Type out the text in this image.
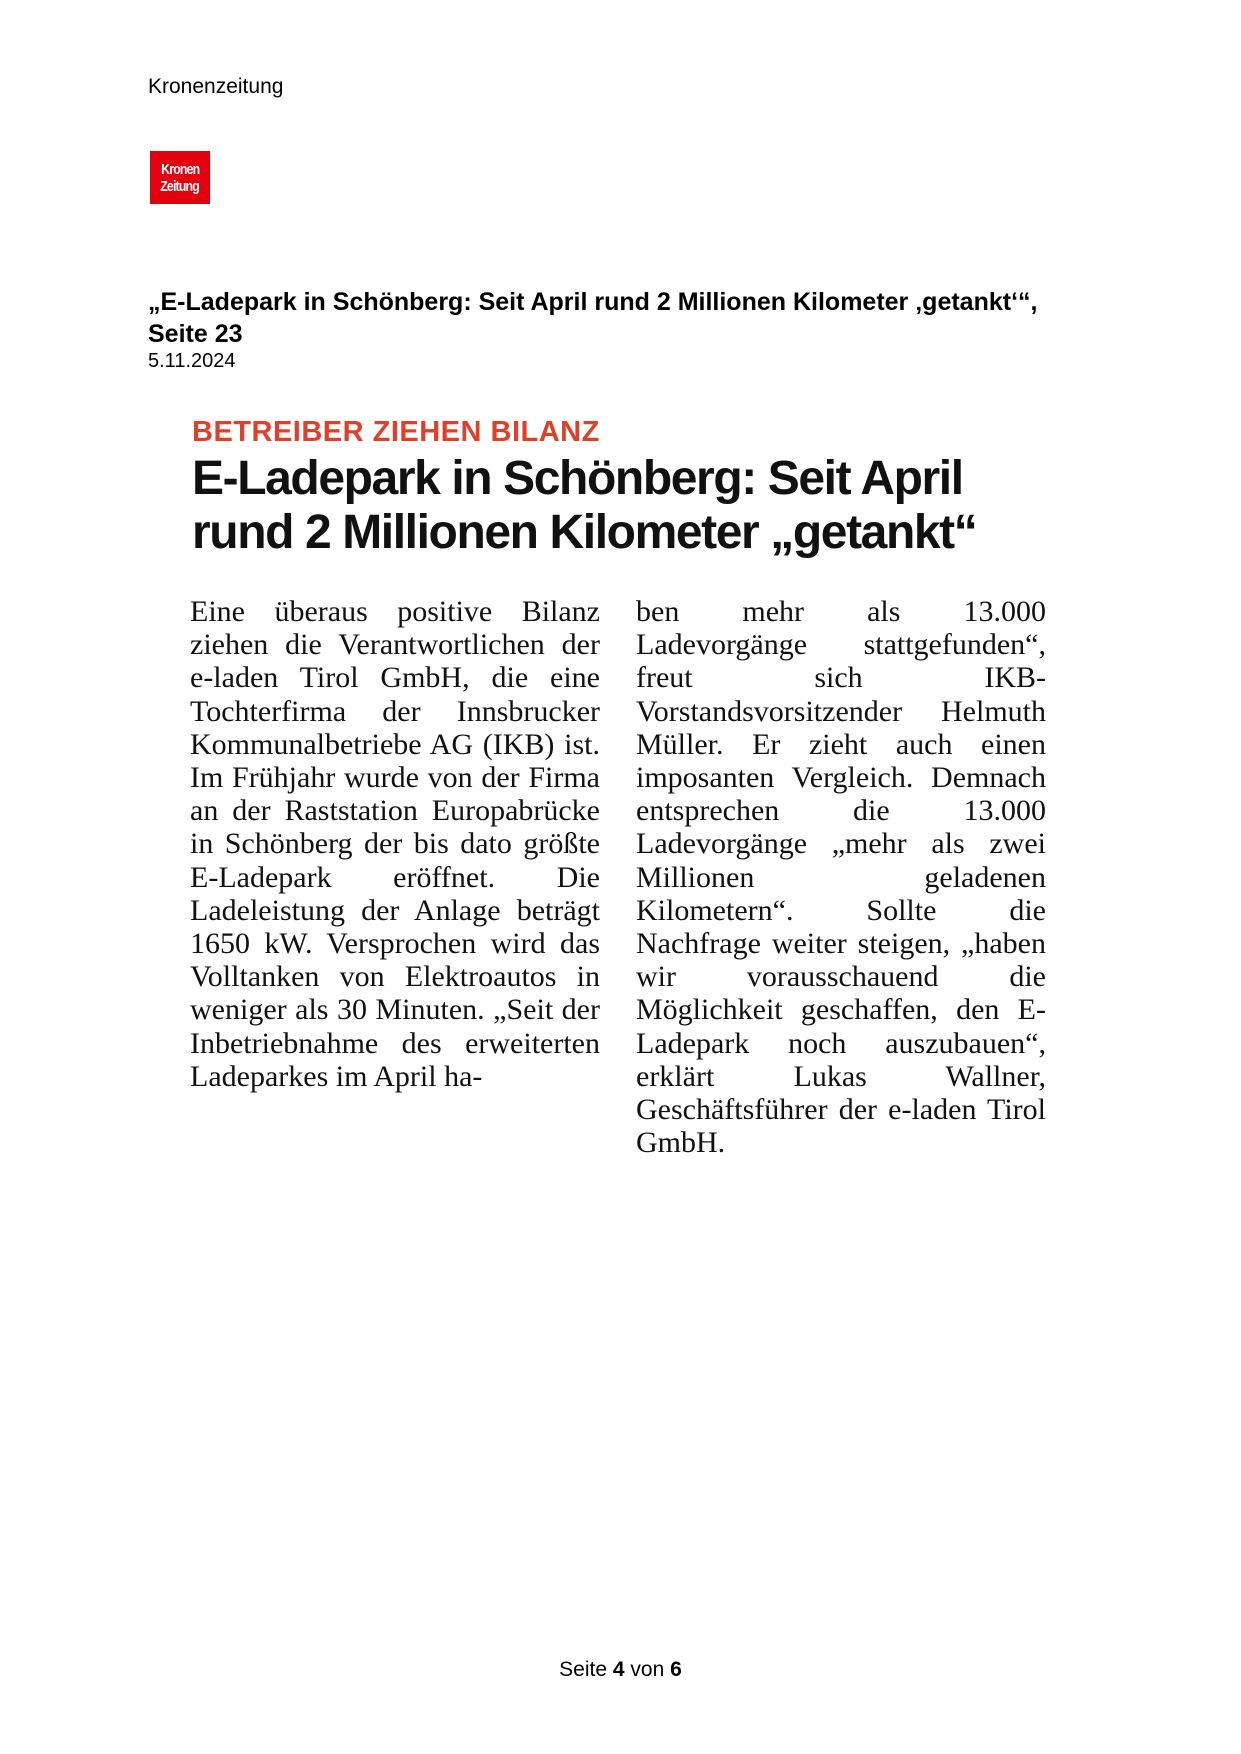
Kronenzeitung
Kronen
Zeitung
„E-Ladepark in Schönberg: Seit April rund 2 Millionen Kilometer ‚getankt‘“, Seite 23
5.11.2024
BETREIBER ZIEHEN BILANZ
E-Ladepark in Schönberg: Seit April rund 2 Millionen Kilometer „getankt“
Eine überaus positive Bilanz ziehen die Verantwortlichen der e-laden Tirol GmbH, die eine Tochterfirma der Innsbrucker Kommunalbetriebe AG (IKB) ist. Im Frühjahr wurde von der Firma an der Raststation Europabrücke in Schönberg der bis dato größte E-Ladepark eröffnet. Die Ladeleistung der Anlage beträgt 1650 kW. Versprochen wird das Volltanken von Elektroautos in weniger als 30 Minuten. „Seit der Inbetriebnahme des erweiterten Ladeparkes im April ha-
ben mehr als 13.000 Ladevorgänge stattgefunden“, freut sich IKB-Vorstandsvorsitzender Helmuth Müller. Er zieht auch einen imposanten Vergleich. Demnach entsprechen die 13.000 Ladevorgänge „mehr als zwei Millionen geladenen Kilometern“. Sollte die Nachfrage weiter steigen, „haben wir vorausschauend die Möglichkeit geschaffen, den E-Ladepark noch auszubauen“, erklärt Lukas Wallner, Geschäftsführer der e-laden Tirol GmbH.
Seite 4 von 6
